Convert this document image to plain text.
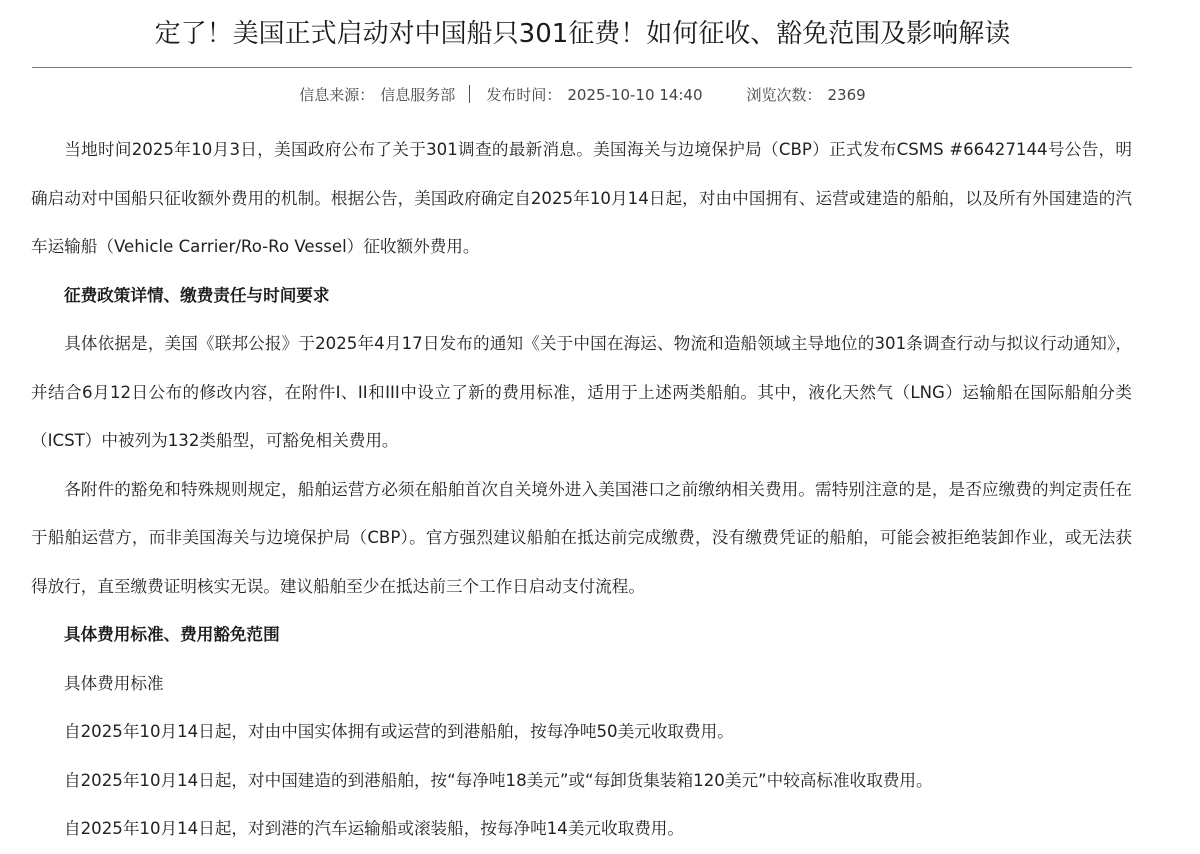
定了！美国正式启动对中国船只301征费！如何征收、豁免范围及影响解读
信息来源： 信息服务部 发布时间： 2025-10-10 14:40	浏览次数： 2369

当地时间2025年10月3日，美国政府公布了关于301调查的最新消息。美国海关与边境保护局（CBP）正式发布CSMS #66427144号公告，明确启动对中国船只征收额外费用的机制。根据公告，美国政府确定自2025年10月14日起，对由中国拥有、运营或建造的船舶，以及所有外国建造的汽车运输船（Vehicle Carrier/Ro-Ro Vessel）征收额外费用。

征费政策详情、缴费责任与时间要求

具体依据是，美国《联邦公报》于2025年4月17日发布的通知《关于中国在海运、物流和造船领域主导地位的301条调查行动与拟议行动通知》，并结合6月12日公布的修改内容，在附件I、II和III中设立了新的费用标准，适用于上述两类船舶。其中，液化天然气（LNG）运输船在国际船舶分类（ICST）中被列为132类船型，可豁免相关费用。

各附件的豁免和特殊规则规定，船舶运营方必须在船舶首次自关境外进入美国港口之前缴纳相关费用。需特别注意的是，是否应缴费的判定责任在于船舶运营方，而非美国海关与边境保护局（CBP）。官方强烈建议船舶在抵达前完成缴费，没有缴费凭证的船舶，可能会被拒绝装卸作业，或无法获得放行，直至缴费证明核实无误。建议船舶至少在抵达前三个工作日启动支付流程。

具体费用标准、费用豁免范围

具体费用标准

自2025年10月14日起，对由中国实体拥有或运营的到港船舶，按每净吨50美元收取费用。

自2025年10月14日起，对中国建造的到港船舶，按“每净吨18美元”或“每卸货集装箱120美元”中较高标准收取费用。

自2025年10月14日起，对到港的汽车运输船或滚装船，按每净吨14美元收取费用。
